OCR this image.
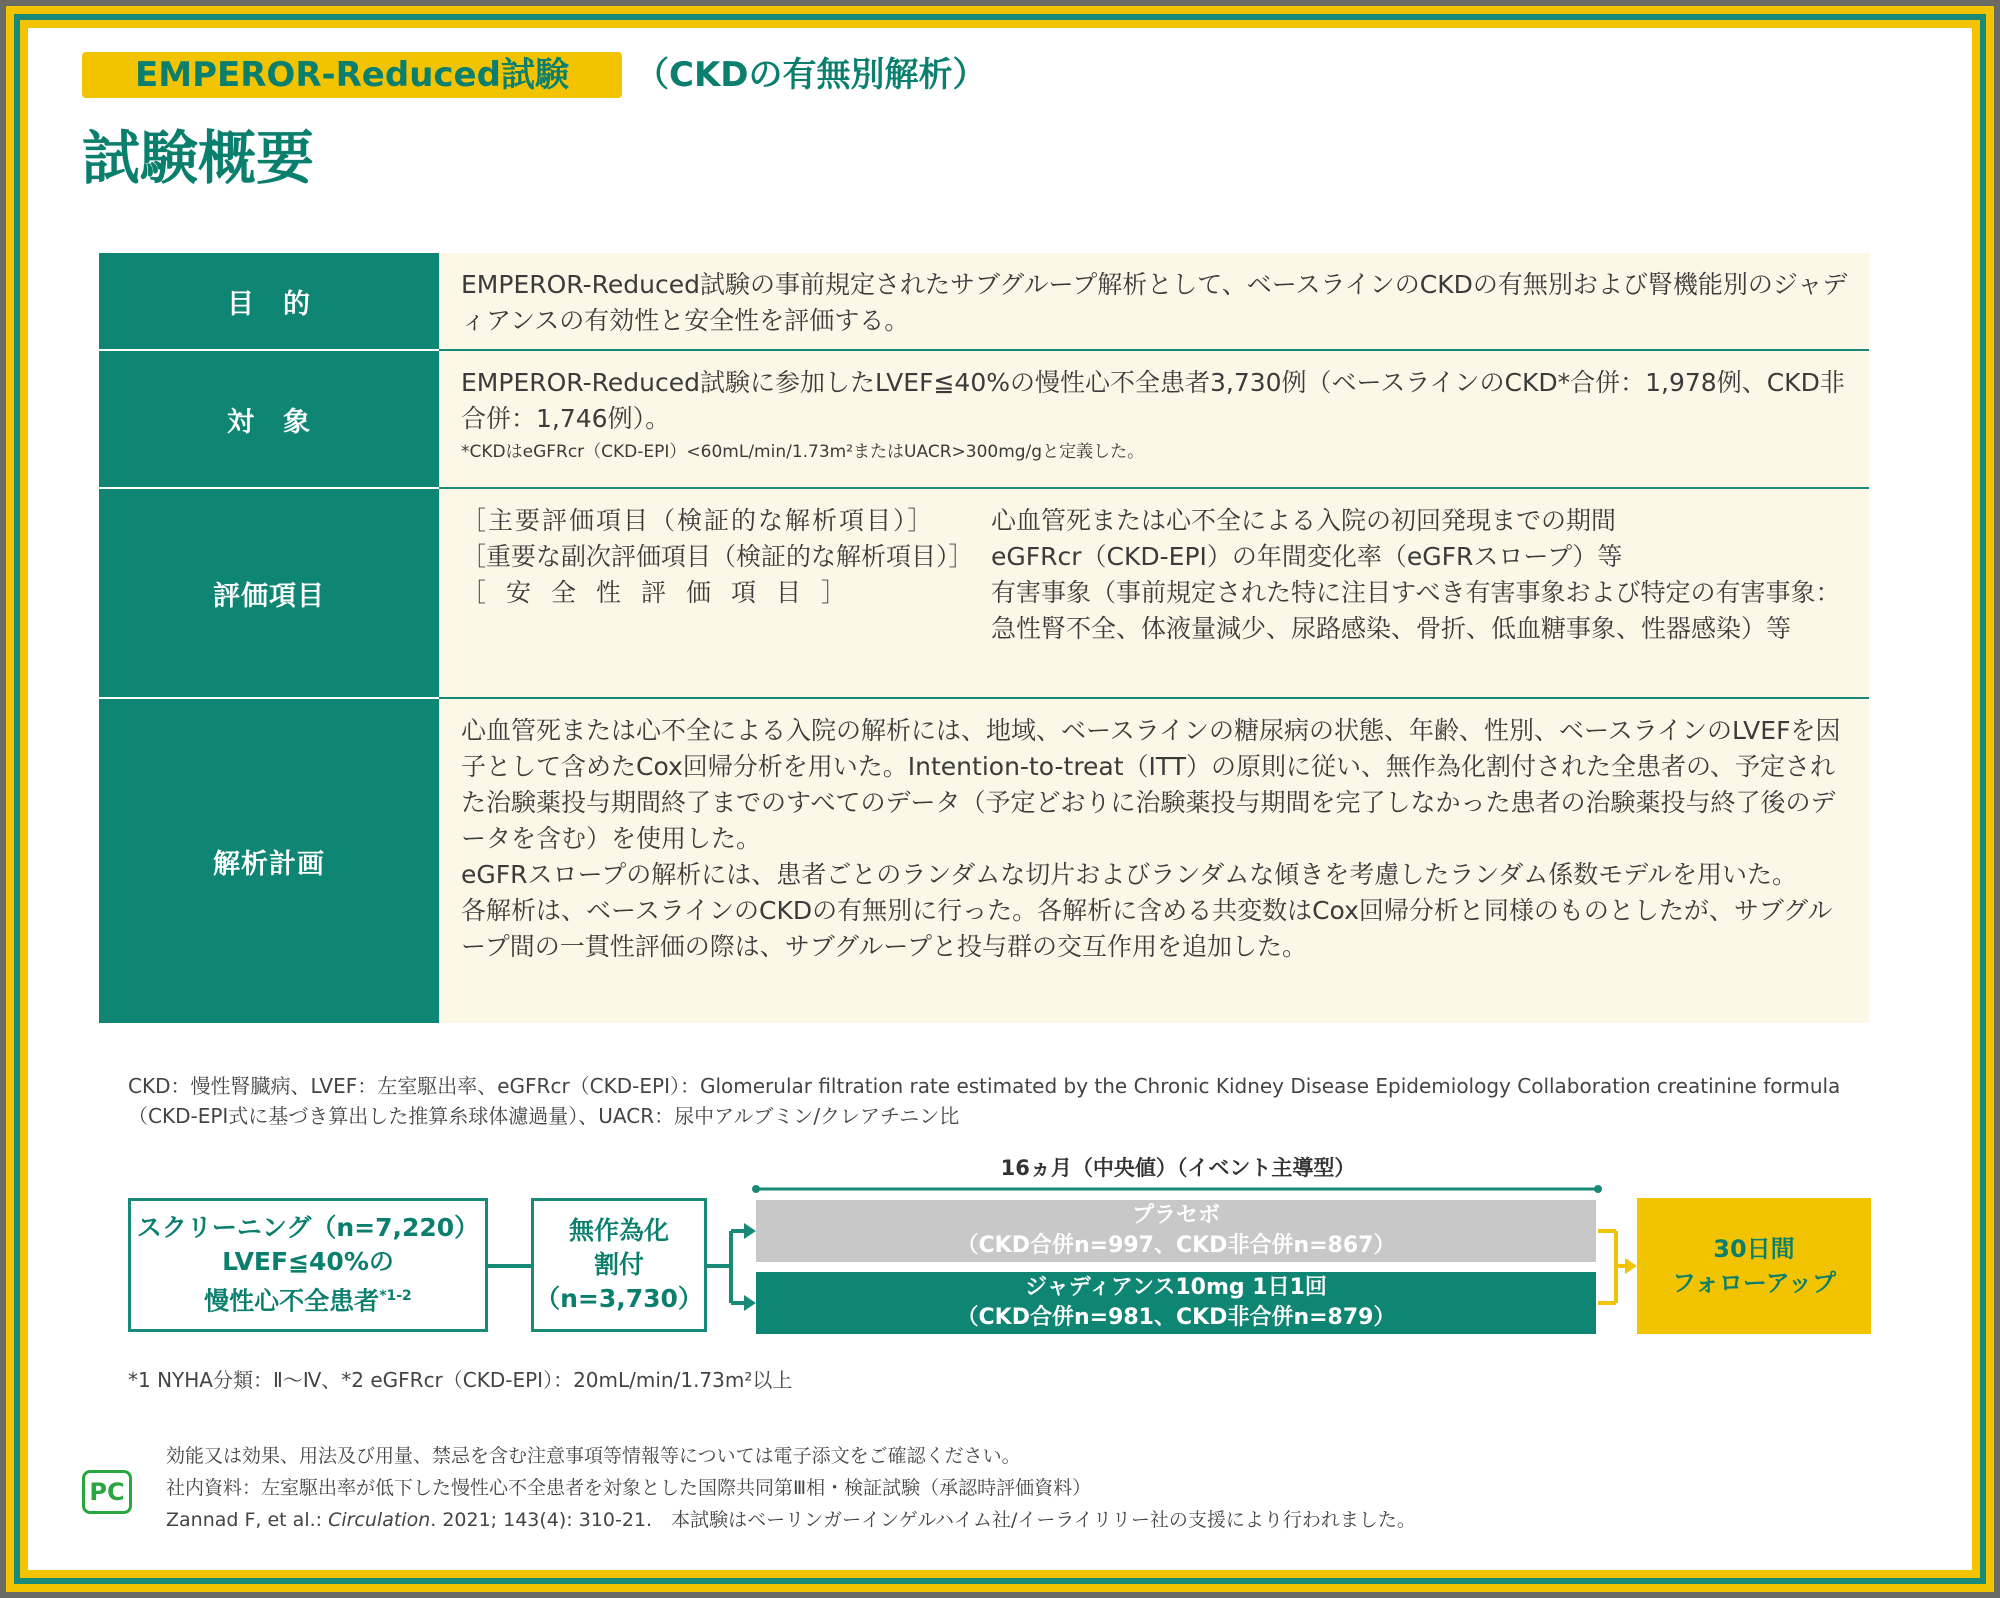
EMPEROR-Reduced試験	（CKDの有無別解析）
試験概要
目　的
EMPEROR-Reduced試験の事前規定されたサブグループ解析として、ベースラインのCKDの有無別および腎機能別のジャディアンスの有効性と安全性を評価する。
対　象
EMPEROR-Reduced試験に参加したLVEF≦40%の慢性心不全患者3,730例（ベースラインのCKD*合併：1,978例、CKD非合併：1,746例）。
*CKDはeGFRcr（CKD-EPI）<60mL/min/1.73m²またはUACR>300mg/gと定義した。
評価項目
［主要評価項目（検証的な解析項目）］	心血管死または心不全による入院の初回発現までの期間
［重要な副次評価項目（検証的な解析項目）］ eGFRcr（CKD-EPI）の年間変化率（eGFRスロープ）等
［安全性評価項目］	有害事象（事前規定された特に注目すべき有害事象および特定の有害事象：急性腎不全、体液量減少、尿路感染、骨折、低血糖事象、性器感染）等
解析計画
心血管死または心不全による入院の解析には、地域、ベースラインの糖尿病の状態、年齢、性別、ベースラインのLVEFを因子として含めたCox回帰分析を用いた。Intention-to-treat（ITT）の原則に従い、無作為化割付された全患者の、予定された治験薬投与期間終了までのすべてのデータ（予定どおりに治験薬投与期間を完了しなかった患者の治験薬投与終了後のデータを含む）を使用した。
eGFRスロープの解析には、患者ごとのランダムな切片およびランダムな傾きを考慮したランダム係数モデルを用いた。
各解析は、ベースラインのCKDの有無別に行った。各解析に含める共変数はCox回帰分析と同様のものとしたが、サブグループ間の一貫性評価の際は、サブグループと投与群の交互作用を追加した。
CKD：慢性腎臓病、LVEF：左室駆出率、eGFRcr（CKD-EPI）：Glomerular filtration rate estimated by the Chronic Kidney Disease Epidemiology Collaboration creatinine formula（CKD-EPI式に基づき算出した推算糸球体濾過量）、UACR：尿中アルブミン/クレアチニン比
16ヵ月（中央値）（イベント主導型）
スクリーニング（n=7,220）
LVEF≦40%の
慢性心不全患者$^{*1-2}$
無作為化
割付
（n=3,730）
プラセボ
（CKD合併n=997、CKD非合併n=867）
ジャディアンス10mg 1日1回
（CKD合併n=981、CKD非合併n=879）
30日間
フォローアップ
*1 NYHA分類：Ⅱ～Ⅳ、*2 eGFRcr（CKD-EPI）：20mL/min/1.73m²以上
PC
効能又は効果、用法及び用量、禁忌を含む注意事項等情報等については電子添文をご確認ください。
社内資料：左室駆出率が低下した慢性心不全患者を対象とした国際共同第Ⅲ相・検証試験（承認時評価資料）
Zannad F, et al.: Circulation. 2021; 143(4): 310-21.　本試験はベーリンガーインゲルハイム社/イーライリリー社の支援により行われました。
